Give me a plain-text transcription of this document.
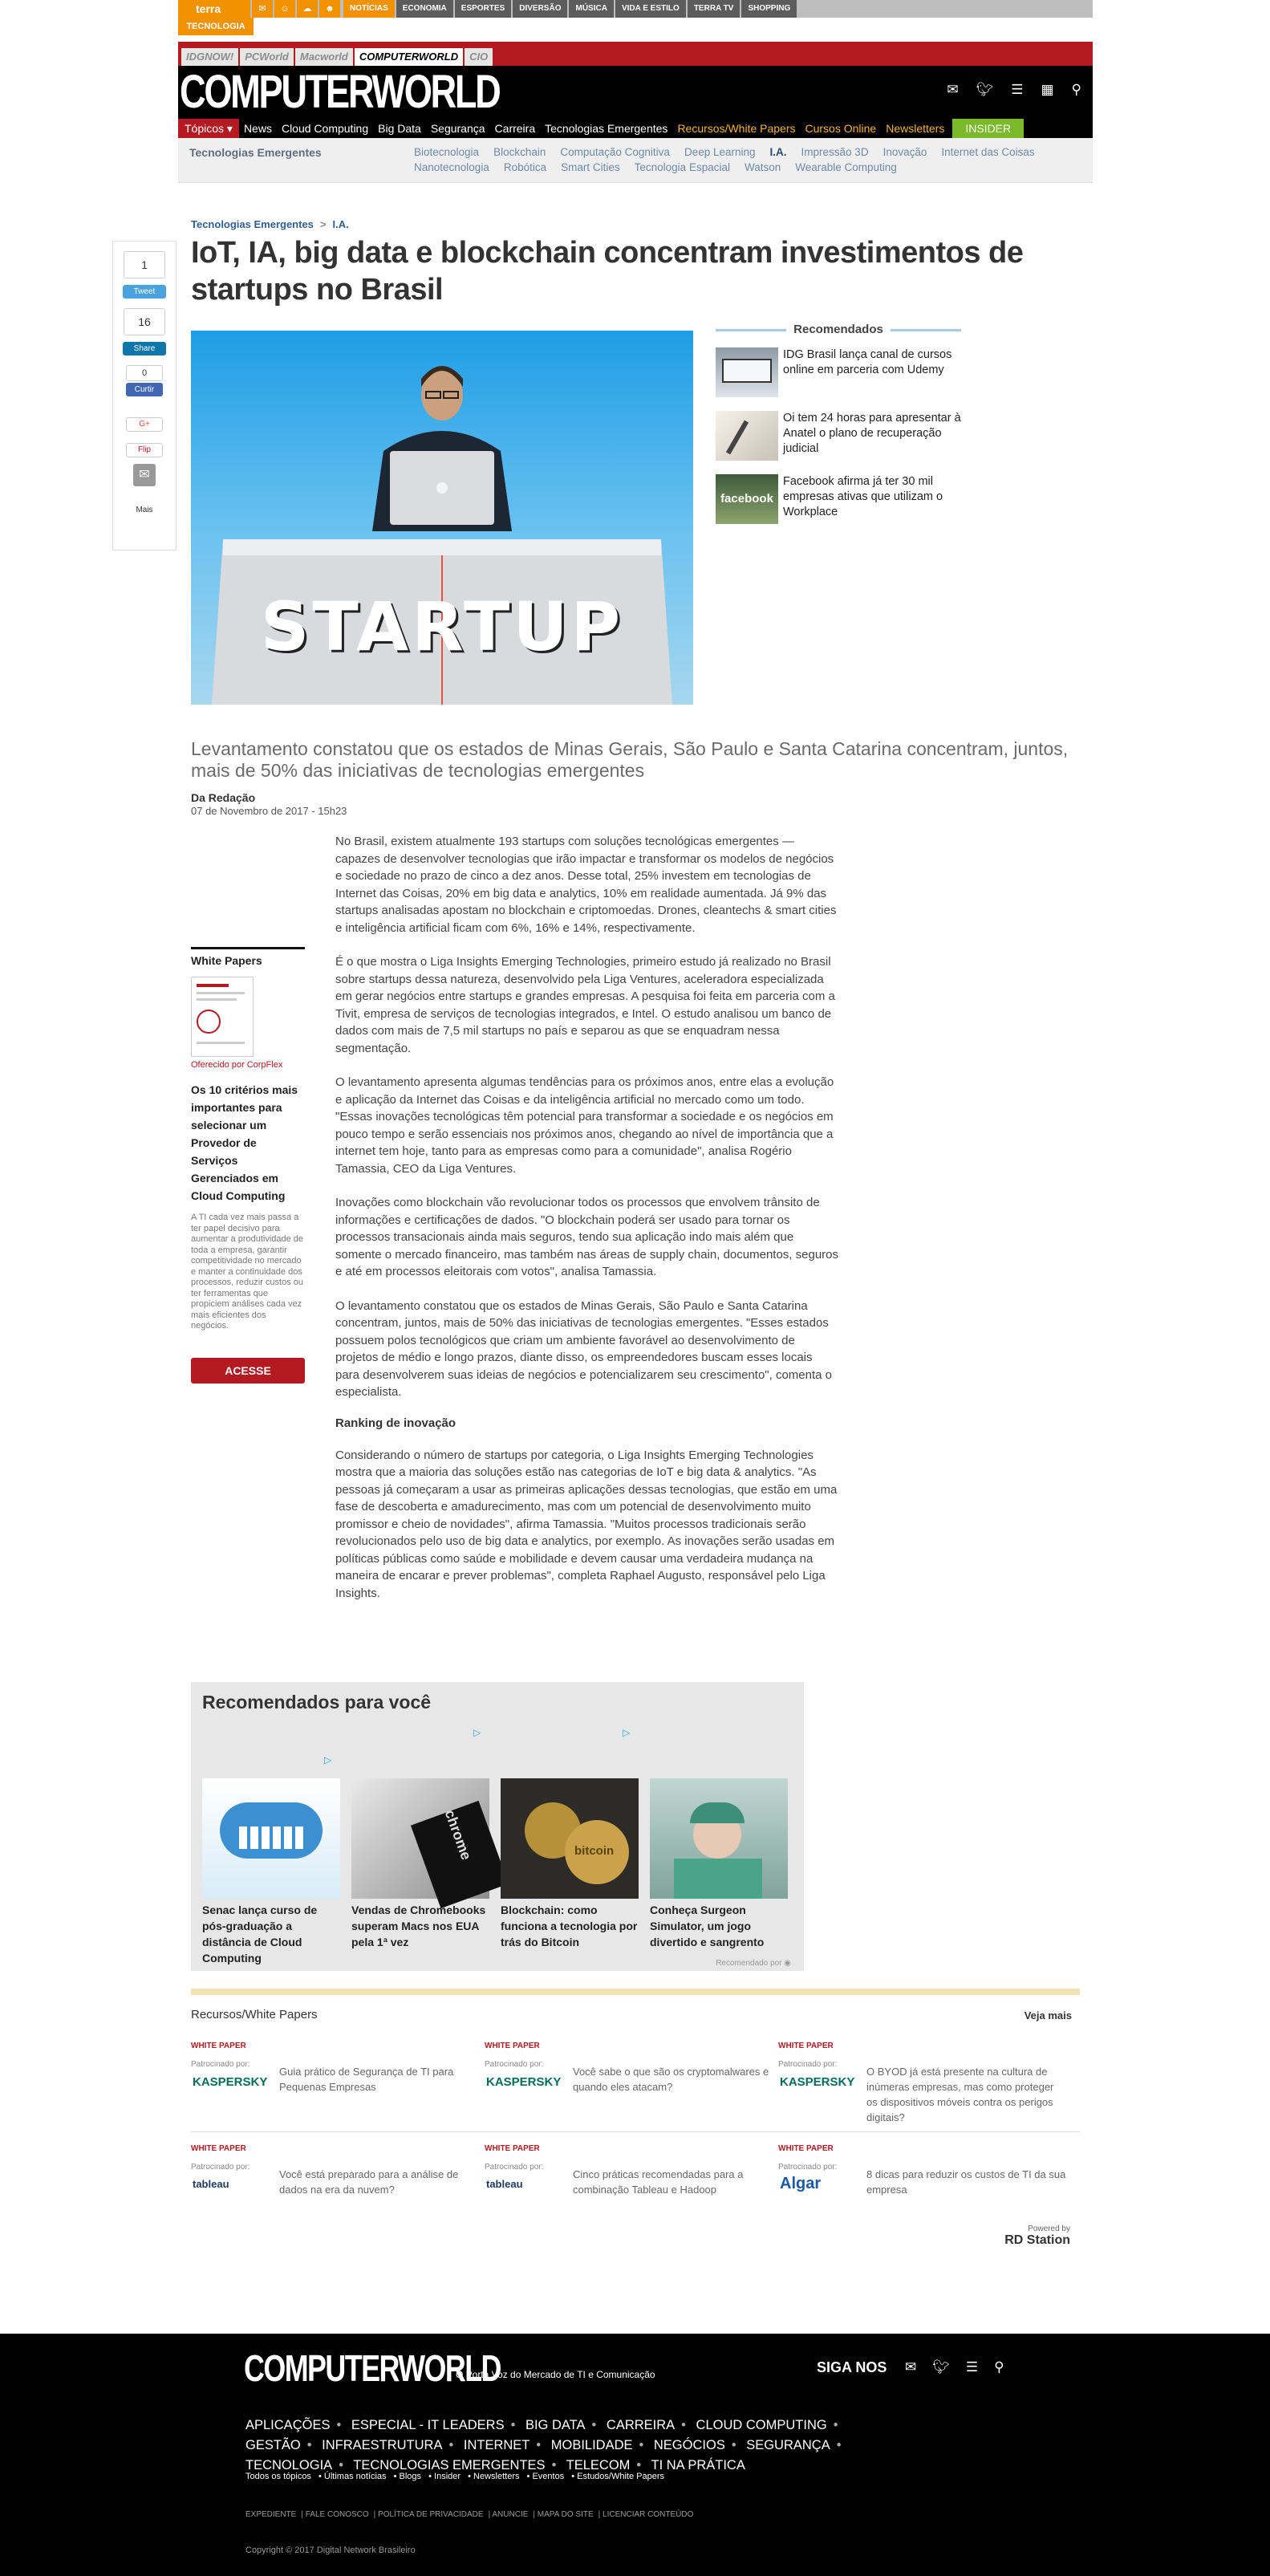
terra	✉	☺	☁	☻	NOTÍCIAS	ECONOMIA	ESPORTES	DIVERSÃO	MÚSICA	VIDA E ESTILO	TERRA TV	SHOPPING
TECNOLOGIA
IDGNOW!	PCWorld	Macworld	COMPUTERWORLD	CIO
COMPUTERWORLD	✉ 🐦︎ ☰ ▦ ⚲
Tópicos ▾	News Cloud Computing Big Data Segurança Carreira Tecnologias Emergentes Recursos/White Papers Cursos Online Newsletters	INSIDER
Tecnologias Emergentes	Biotecnologia Blockchain Computação Cognitiva Deep Learning I.A. Impressão 3D Inovação Internet das Coisas
Nanotecnologia Robótica Smart Cities Tecnologia Espacial Watson Wearable Computing
1
Tweet
16
Share
0
Curtir
G+
Flip
✉
Mais
Tecnologias Emergentes > I.A.
IoT, IA, big data e blockchain concentram investimentos de startups no Brasil
STARTUP
Recomendados
IDG Brasil lança canal de cursos online em parceria com Udemy
Oi tem 24 horas para apresentar à Anatel o plano de recuperação judicial
facebook
Facebook afirma já ter 30 mil empresas ativas que utilizam o Workplace
Levantamento constatou que os estados de Minas Gerais, São Paulo e Santa Catarina concentram, juntos, mais de 50% das iniciativas de tecnologias emergentes
Da Redação
07 de Novembro de 2017 - 15h23
White Papers
Oferecido por CorpFlex
Os 10 critérios mais importantes para selecionar um Provedor de Serviços Gerenciados em Cloud Computing
A TI cada vez mais passa a ter papel decisivo para aumentar a produtividade de toda a empresa, garantir competitividade no mercado e manter a continuidade dos processos, reduzir custos ou ter ferramentas que propiciem análises cada vez mais eficientes dos negócios.
ACESSE

No Brasil, existem atualmente 193 startups com soluções tecnológicas emergentes — capazes de desenvolver tecnologias que irão impactar e transformar os modelos de negócios e sociedade no prazo de cinco a dez anos. Desse total, 25% investem em tecnologias de Internet das Coisas, 20% em big data e analytics, 10% em realidade aumentada. Já 9% das startups analisadas apostam no blockchain e criptomoedas. Drones, cleantechs & smart cities e inteligência artificial ficam com 6%, 16% e 14%, respectivamente.

É o que mostra o Liga Insights Emerging Technologies, primeiro estudo já realizado no Brasil sobre startups dessa natureza, desenvolvido pela Liga Ventures, aceleradora especializada em gerar negócios entre startups e grandes empresas. A pesquisa foi feita em parceria com a Tivit, empresa de serviços de tecnologias integrados, e Intel. O estudo analisou um banco de dados com mais de 7,5 mil startups no país e separou as que se enquadram nessa segmentação.

O levantamento apresenta algumas tendências para os próximos anos, entre elas a evolução e aplicação da Internet das Coisas e da inteligência artificial no mercado como um todo. "Essas inovações tecnológicas têm potencial para transformar a sociedade e os negócios em pouco tempo e serão essenciais nos próximos anos, chegando ao nível de importância que a internet tem hoje, tanto para as empresas como para a comunidade", analisa Rogério Tamassia, CEO da Liga Ventures.

Inovações como blockchain vão revolucionar todos os processos que envolvem trânsito de informações e certificações de dados. "O blockchain poderá ser usado para tornar os processos transacionais ainda mais seguros, tendo sua aplicação indo mais além que somente o mercado financeiro, mas também nas áreas de supply chain, documentos, seguros e até em processos eleitorais com votos", analisa Tamassia.

O levantamento constatou que os estados de Minas Gerais, São Paulo e Santa Catarina concentram, juntos, mais de 50% das iniciativas de tecnologias emergentes. "Esses estados possuem polos tecnológicos que criam um ambiente favorável ao desenvolvimento de projetos de médio e longo prazos, diante disso, os empreendedores buscam esses locais para desenvolverem suas ideias de negócios e potencializarem seu crescimento", comenta o especialista.

Ranking de inovação

Considerando o número de startups por categoria, o Liga Insights Emerging Technologies mostra que a maioria das soluções estão nas categorias de IoT e big data & analytics. "As pessoas já começaram a usar as primeiras aplicações dessas tecnologias, que estão em uma fase de descoberta e amadurecimento, mas com um potencial de desenvolvimento muito promissor e cheio de novidades", afirma Tamassia. "Muitos processos tradicionais serão revolucionados pelo uso de big data e analytics, por exemplo. As inovações serão usadas em políticas públicas como saúde e mobilidade e devem causar uma verdadeira mudança na maneira de encarar e prever problemas", completa Raphael Augusto, responsável pelo Liga Insights.

Recomendados para você
▷	▷
▷
Senac lança curso de pós-graduação a distância de Cloud Computing
chrome
Vendas de Chromebooks superam Macs nos EUA pela 1ª vez
bitcoin
Blockchain: como funciona a tecnologia por trás do Bitcoin
Conheça Surgeon Simulator, um jogo divertido e sangrento
Recomendado por ◉
Recursos/White Papers	Veja mais
WHITE PAPER
Patrocinado por:
KASPERSKY
Guia prático de Segurança de TI para Pequenas Empresas
WHITE PAPER
Patrocinado por:
KASPERSKY
Você sabe o que são os cryptomalwares e quando eles atacam?
WHITE PAPER
Patrocinado por:
KASPERSKY
O BYOD já está presente na cultura de inúmeras empresas, mas como proteger os dispositivos móveis contra os perigos digitais?
WHITE PAPER
Patrocinado por:
tableau
Você está preparado para a análise de dados na era da nuvem?
WHITE PAPER
Patrocinado por:
tableau
Cinco práticas recomendadas para a combinação Tableau e Hadoop
WHITE PAPER
Patrocinado por:
Algar
8 dicas para reduzir os custos de TI da sua empresa
Powered by
RD Station
COMPUTERWORLD
O Porta Voz do Mercado de TI e Comunicação	SIGA NOS ✉ 🐦︎ ☰ ⚲
APLICAÇÕES • ESPECIAL - IT LEADERS • BIG DATA • CARREIRA • CLOUD COMPUTING • GESTÃO • INFRAESTRUTURA • INTERNET • MOBILIDADE • NEGÓCIOS • SEGURANÇA • TECNOLOGIA • TECNOLOGIAS EMERGENTES • TELECOM • TI NA PRÁTICA
Todos os tópicos • Últimas notícias • Blogs • Insider • Newsletters • Eventos • Estudos/White Papers
EXPEDIENTE | FALE CONOSCO | POLÍTICA DE PRIVACIDADE | ANUNCIE | MAPA DO SITE | LICENCIAR CONTEÚDO
Copyright © 2017 Digital Network Brasileiro
